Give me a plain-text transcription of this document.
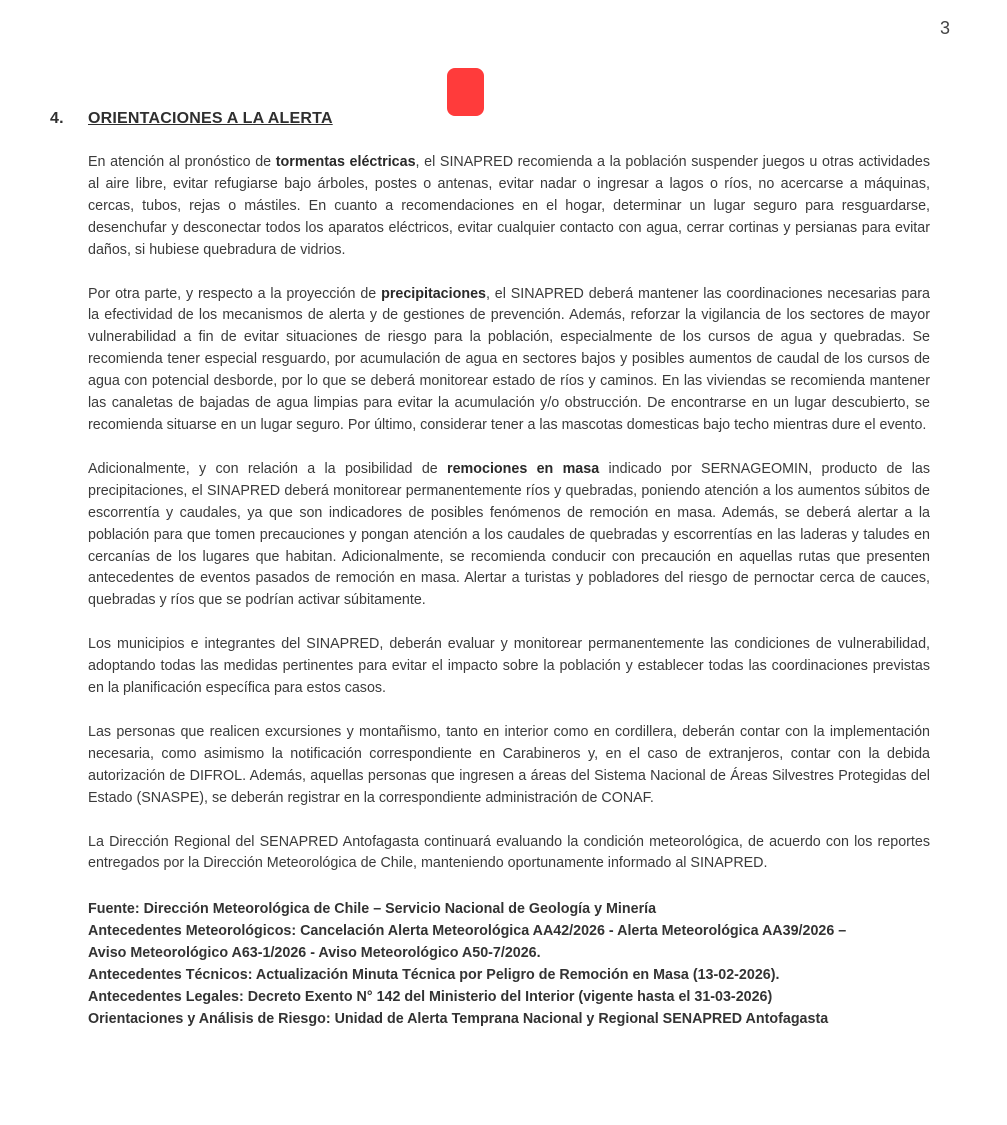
3
4. ORIENTACIONES A LA ALERTA

En atención al pronóstico de tormentas eléctricas, el SINAPRED recomienda a la población suspender juegos u otras actividades al aire libre, evitar refugiarse bajo árboles, postes o antenas, evitar nadar o ingresar a lagos o ríos, no acercarse a máquinas, cercas, tubos, rejas o mástiles. En cuanto a recomendaciones en el hogar, determinar un lugar seguro para resguardarse, desenchufar y desconectar todos los aparatos eléctricos, evitar cualquier contacto con agua, cerrar cortinas y persianas para evitar daños, si hubiese quebradura de vidrios.

Por otra parte, y respecto a la proyección de precipitaciones, el SINAPRED deberá mantener las coordinaciones necesarias para la efectividad de los mecanismos de alerta y de gestiones de prevención. Además, reforzar la vigilancia de los sectores de mayor vulnerabilidad a fin de evitar situaciones de riesgo para la población, especialmente de los cursos de agua y quebradas. Se recomienda tener especial resguardo, por acumulación de agua en sectores bajos y posibles aumentos de caudal de los cursos de agua con potencial desborde, por lo que se deberá monitorear estado de ríos y caminos. En las viviendas se recomienda mantener las canaletas de bajadas de agua limpias para evitar la acumulación y/o obstrucción. De encontrarse en un lugar descubierto, se recomienda situarse en un lugar seguro. Por último, considerar tener a las mascotas domesticas bajo techo mientras dure el evento.

Adicionalmente, y con relación a la posibilidad de remociones en masa indicado por SERNAGEOMIN, producto de las precipitaciones, el SINAPRED deberá monitorear permanentemente ríos y quebradas, poniendo atención a los aumentos súbitos de escorrentía y caudales, ya que son indicadores de posibles fenómenos de remoción en masa. Además, se deberá alertar a la población para que tomen precauciones y pongan atención a los caudales de quebradas y escorrentías en las laderas y taludes en cercanías de los lugares que habitan. Adicionalmente, se recomienda conducir con precaución en aquellas rutas que presenten antecedentes de eventos pasados de remoción en masa. Alertar a turistas y pobladores del riesgo de pernoctar cerca de cauces, quebradas y ríos que se podrían activar súbitamente.

Los municipios e integrantes del SINAPRED, deberán evaluar y monitorear permanentemente las condiciones de vulnerabilidad, adoptando todas las medidas pertinentes para evitar el impacto sobre la población y establecer todas las coordinaciones previstas en la planificación específica para estos casos.

Las personas que realicen excursiones y montañismo, tanto en interior como en cordillera, deberán contar con la implementación necesaria, como asimismo la notificación correspondiente en Carabineros y, en el caso de extranjeros, contar con la debida autorización de DIFROL. Además, aquellas personas que ingresen a áreas del Sistema Nacional de Áreas Silvestres Protegidas del Estado (SNASPE), se deberán registrar en la correspondiente administración de CONAF.

La Dirección Regional del SENAPRED Antofagasta continuará evaluando la condición meteorológica, de acuerdo con los reportes entregados por la Dirección Meteorológica de Chile, manteniendo oportunamente informado al SINAPRED.

Fuente: Dirección Meteorológica de Chile – Servicio Nacional de Geología y Minería
Antecedentes Meteorológicos: Cancelación Alerta Meteorológica AA42/2026 - Alerta Meteorológica AA39/2026 –
Aviso Meteorológico A63-1/2026 - Aviso Meteorológico A50-7/2026.
Antecedentes Técnicos: Actualización Minuta Técnica por Peligro de Remoción en Masa (13-02-2026).
Antecedentes Legales: Decreto Exento N° 142 del Ministerio del Interior (vigente hasta el 31-03-2026)
Orientaciones y Análisis de Riesgo: Unidad de Alerta Temprana Nacional y Regional SENAPRED Antofagasta
